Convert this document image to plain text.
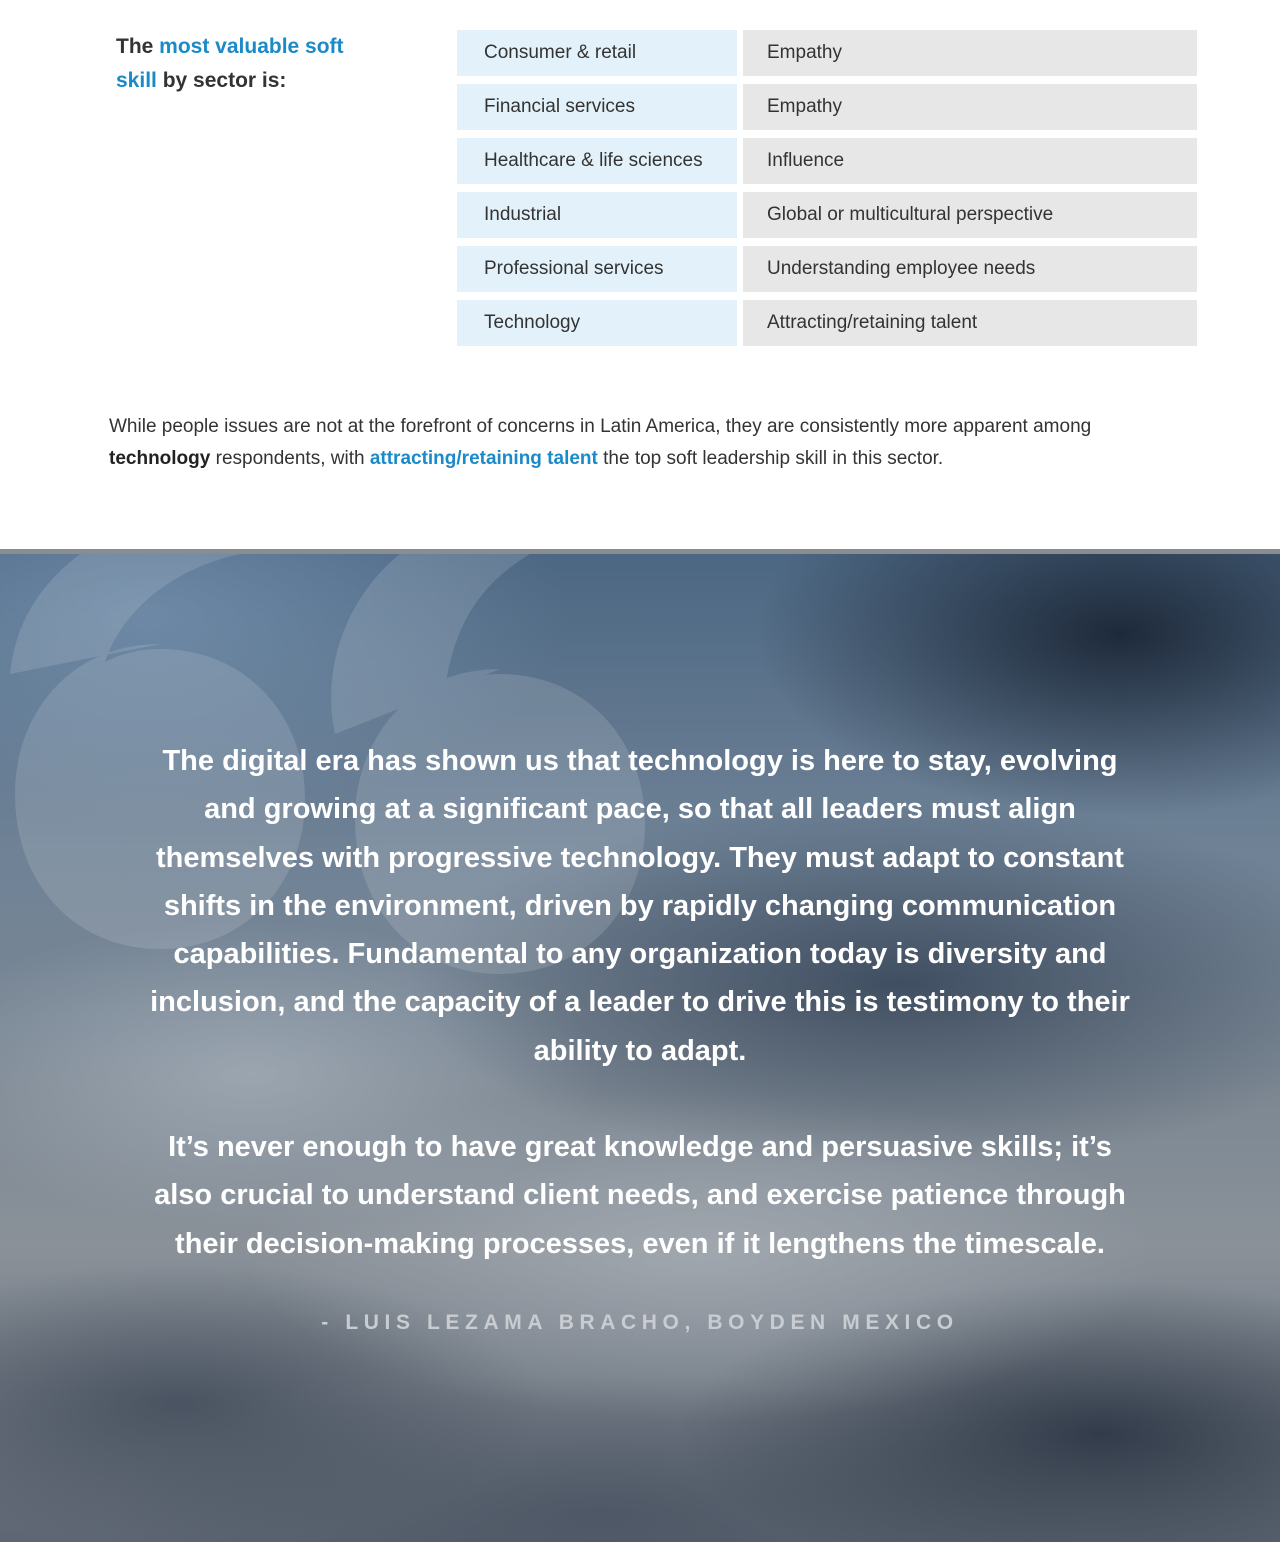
The most valuable soft skill by sector is:
Consumer & retail	Empathy
Financial services	Empathy
Healthcare & life sciences	Influence
Industrial	Global or multicultural perspective
Professional services	Understanding employee needs
Technology	Attracting/retaining talent

While people issues are not at the forefront of concerns in Latin America, they are consistently more apparent among technology respondents, with attracting/retaining talent the top soft leadership skill in this sector.

The digital era has shown us that technology is here to stay, evolving and growing at a significant pace, so that all leaders must align themselves with progressive technology. They must adapt to constant shifts in the environment, driven by rapidly changing communication capabilities. Fundamental to any organization today is diversity and inclusion, and the capacity of a leader to drive this is testimony to their ability to adapt.

It’s never enough to have great knowledge and persuasive skills; it’s also crucial to understand client needs, and exercise patience through their decision-making processes, even if it lengthens the timescale.

- LUIS LEZAMA BRACHO, BOYDEN MEXICO
